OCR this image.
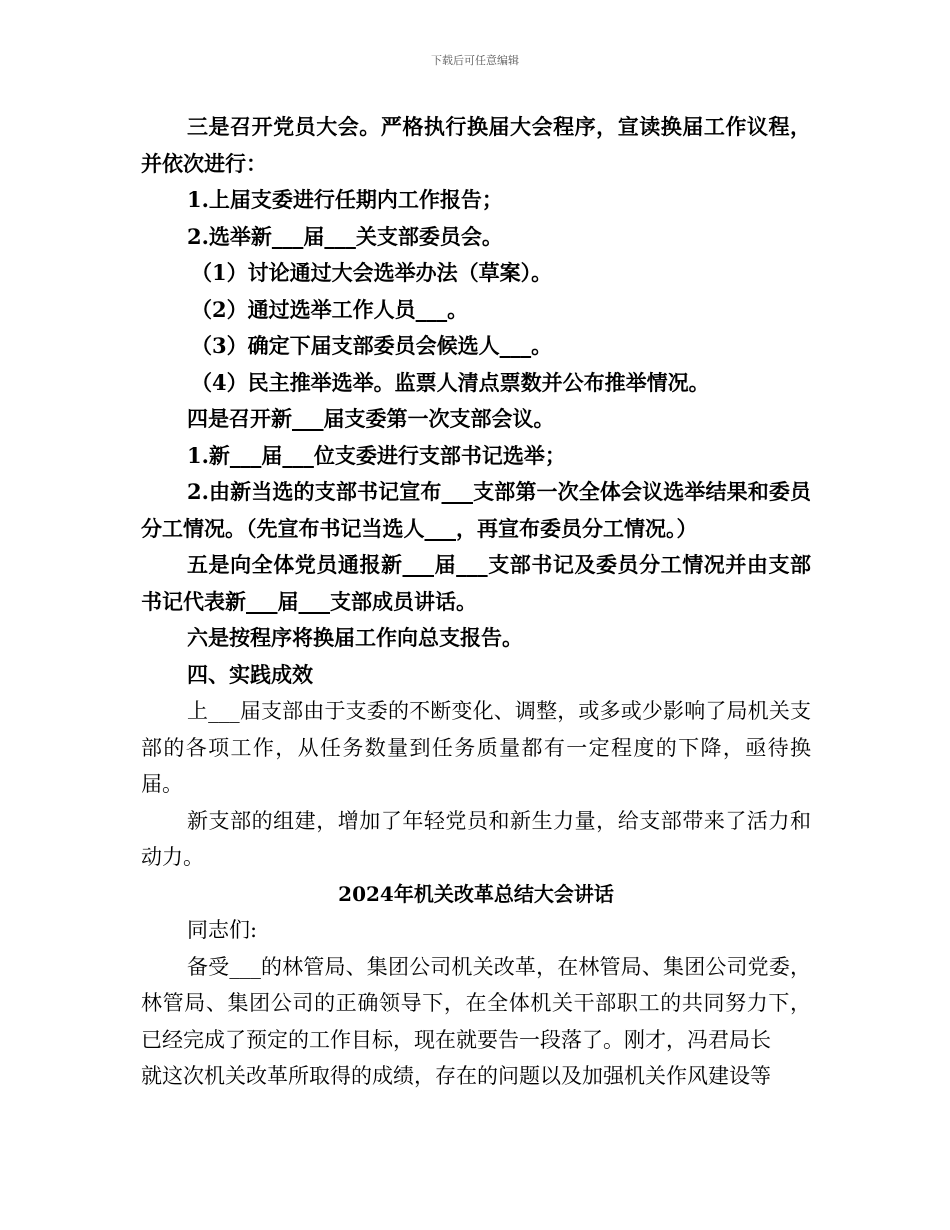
下载后可任意编辑

三是召开党员大会。严格执行换届大会程序，宣读换届工作议程，并依次进行：

1.上届支委进行任期内工作报告；

2.选举新___届___关支部委员会。

（1）讨论通过大会选举办法（草案）。

（2）通过选举工作人员___。

（3）确定下届支部委员会候选人___。

（4）民主推举选举。监票人清点票数并公布推举情况。

四是召开新___届支委第一次支部会议。

1.新___届___位支委进行支部书记选举；

2.由新当选的支部书记宣布___支部第一次全体会议选举结果和委员分工情况。（先宣布书记当选人___，再宣布委员分工情况。）

五是向全体党员通报新___届___支部书记及委员分工情况并由支部书记代表新___届___支部成员讲话。

六是按程序将换届工作向总支报告。

四、实践成效

上___届支部由于支委的不断变化、调整，或多或少影响了局机关支部的各项工作，从任务数量到任务质量都有一定程度的下降，亟待换届。

新支部的组建，增加了年轻党员和新生力量，给支部带来了活力和动力。

2024年机关改革总结大会讲话

同志们:

备受___的林管局、集团公司机关改革，在林管局、集团公司党委，林管局、集团公司的正确领导下，在全体机关干部职工的共同努力下，已经完成了预定的工作目标，现在就要告一段落了。刚才，冯君局长

就这次机关改革所取得的成绩，存在的问题以及加强机关作风建设等
